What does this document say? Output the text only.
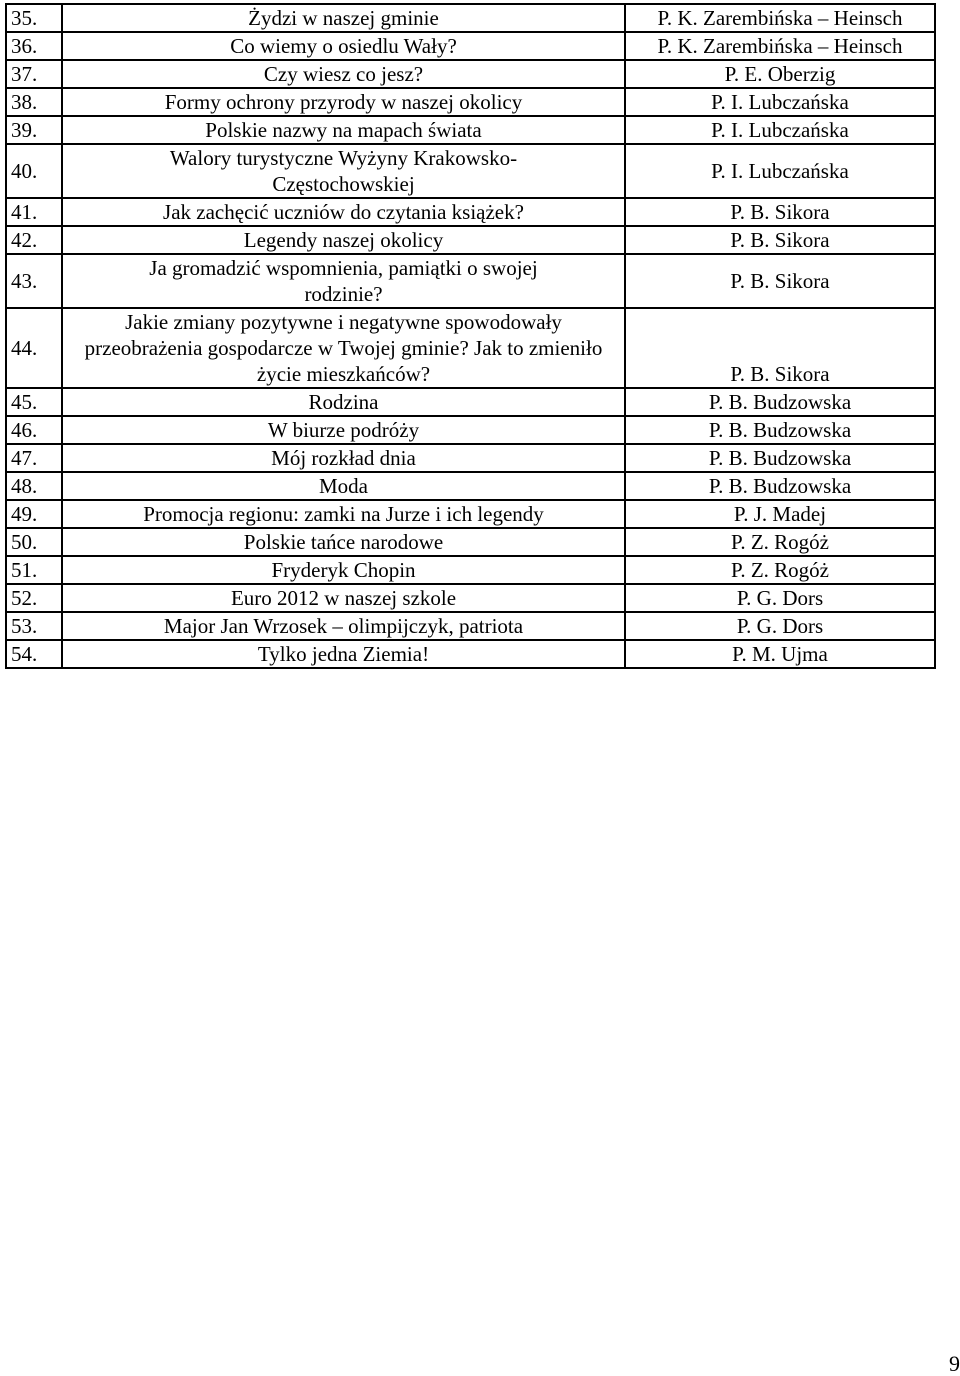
35.	Żydzi w naszej gminie	P. K. Zarembińska – Heinsch
36.	Co wiemy o osiedlu Wały?	P. K. Zarembińska – Heinsch
37.	Czy wiesz co jesz?	P. E. Oberzig
38.	Formy ochrony przyrody w naszej okolicy	P. I. Lubczańska
39.	Polskie nazwy na mapach świata	P. I. Lubczańska
40.	Walory turystyczne Wyżyny Krakowsko-Częstochowskiej	P. I. Lubczańska
41.	Jak zachęcić uczniów do czytania książek?	P. B. Sikora
42.	Legendy naszej okolicy	P. B. Sikora
43.	Ja gromadzić wspomnienia, pamiątki o swojej rodzinie?	P. B. Sikora
44.	Jakie zmiany pozytywne i negatywne spowodowały przeobrażenia gospodarcze w Twojej gminie? Jak to zmieniło życie mieszkańców?	P. B. Sikora
45.	Rodzina	P. B. Budzowska
46.	W biurze podróży	P. B. Budzowska
47.	Mój rozkład dnia	P. B. Budzowska
48.	Moda	P. B. Budzowska
49.	Promocja regionu: zamki na Jurze i ich legendy	P. J. Madej
50.	Polskie tańce narodowe	P. Z. Rogóż
51.	Fryderyk Chopin	P. Z. Rogóż
52.	Euro 2012 w naszej szkole	P. G. Dors
53.	Major Jan Wrzosek – olimpijczyk, patriota	P. G. Dors
54.	Tylko jedna Ziemia!	P. M. Ujma
9
